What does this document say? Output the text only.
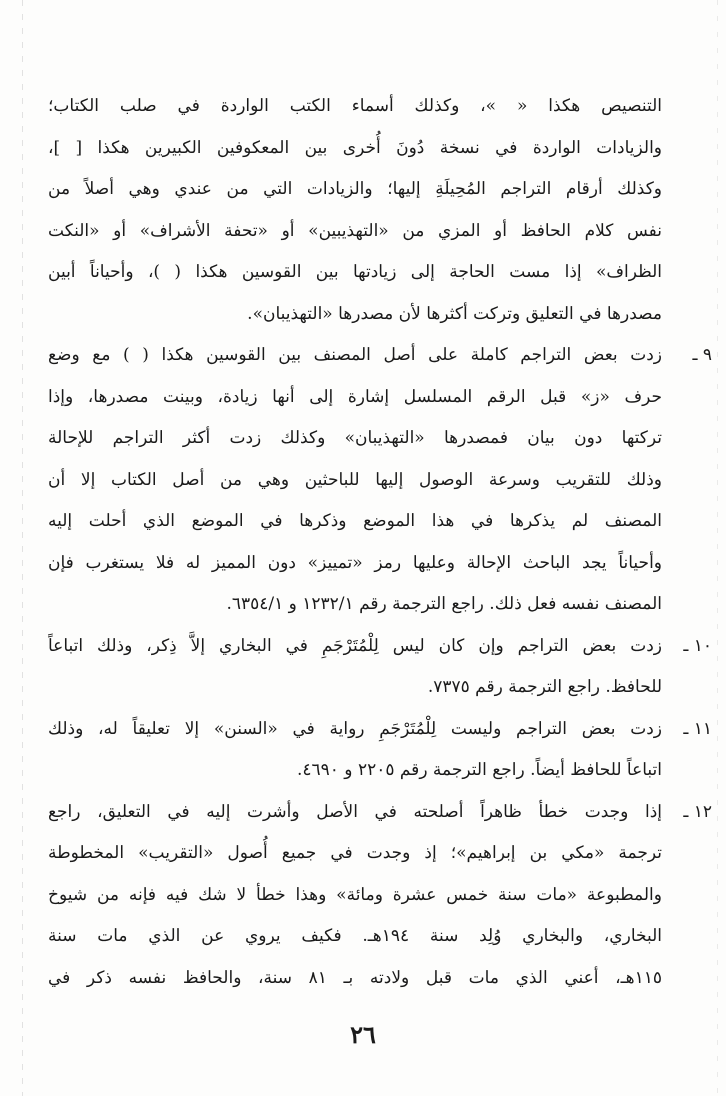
التنصيص هكذا « »، وكذلك أسماء الكتب الواردة في صلب الكتاب؛
والزيادات الواردة في نسخة دُونَ أُخرى بين المعكوفين الكبيرين هكذا [ ]،
وكذلك أرقام التراجم المُحِيلَةِ إليها؛ والزيادات التي من عندي وهي أصلاً من
نفس كلام الحافظ أو المزي من «التهذيبين» أو «تحفة الأشراف» أو «النكت
الظراف» إذا مست الحاجة إلى زيادتها بين القوسين هكذا ( )، وأحياناً أبين
مصدرها في التعليق وتركت أكثرها لأن مصدرها «التهذيبان».
٩ ـ
زدت بعض التراجم كاملة على أصل المصنف بين القوسين هكذا ( ) مع وضع
حرف «ز» قبل الرقم المسلسل إشارة إلى أنها زيادة، وبينت مصدرها، وإذا
تركتها دون بيان فمصدرها «التهذيبان» وكذلك زدت أكثر التراجم للإحالة
وذلك للتقريب وسرعة الوصول إليها للباحثين وهي من أصل الكتاب إلا أن
المصنف لم يذكرها في هذا الموضع وذكرها في الموضع الذي أحلت إليه
وأحياناً يجد الباحث الإحالة وعليها رمز «تمييز» دون المميز له فلا يستغرب فإن
المصنف نفسه فعل ذلك. راجع الترجمة رقم ١٢٣٢/١ و ٦٣٥٤/١.
١٠ ـ
زدت بعض التراجم وإن كان ليس لِلْمُتَرْجَمِ في البخاري إلاَّ ذِكر، وذلك اتباعاً
للحافظ. راجع الترجمة رقم ٧٣٧٥.
١١ ـ
زدت بعض التراجم وليست لِلْمُتَرْجَمِ رواية في «السنن» إلا تعليقاً له، وذلك
اتباعاً للحافظ أيضاً. راجع الترجمة رقم ٢٢٠٥ و ٤٦٩٠.
١٢ ـ
إذا وجدت خطأ ظاهراً أصلحته في الأصل وأشرت إليه في التعليق، راجع
ترجمة «مكي بن إبراهيم»؛ إذ وجدت في جميع أُصول «التقريب» المخطوطة
والمطبوعة «مات سنة خمس عشرة ومائة» وهذا خطأ لا شك فيه فإنه من شيوخ
البخاري، والبخاري وُلِد سنة ١٩٤هـ. فكيف يروي عن الذي مات سنة
١١٥هـ، أعني الذي مات قبل ولادته بـ ٨١ سنة، والحافظ نفسه ذكر في
٢٦
